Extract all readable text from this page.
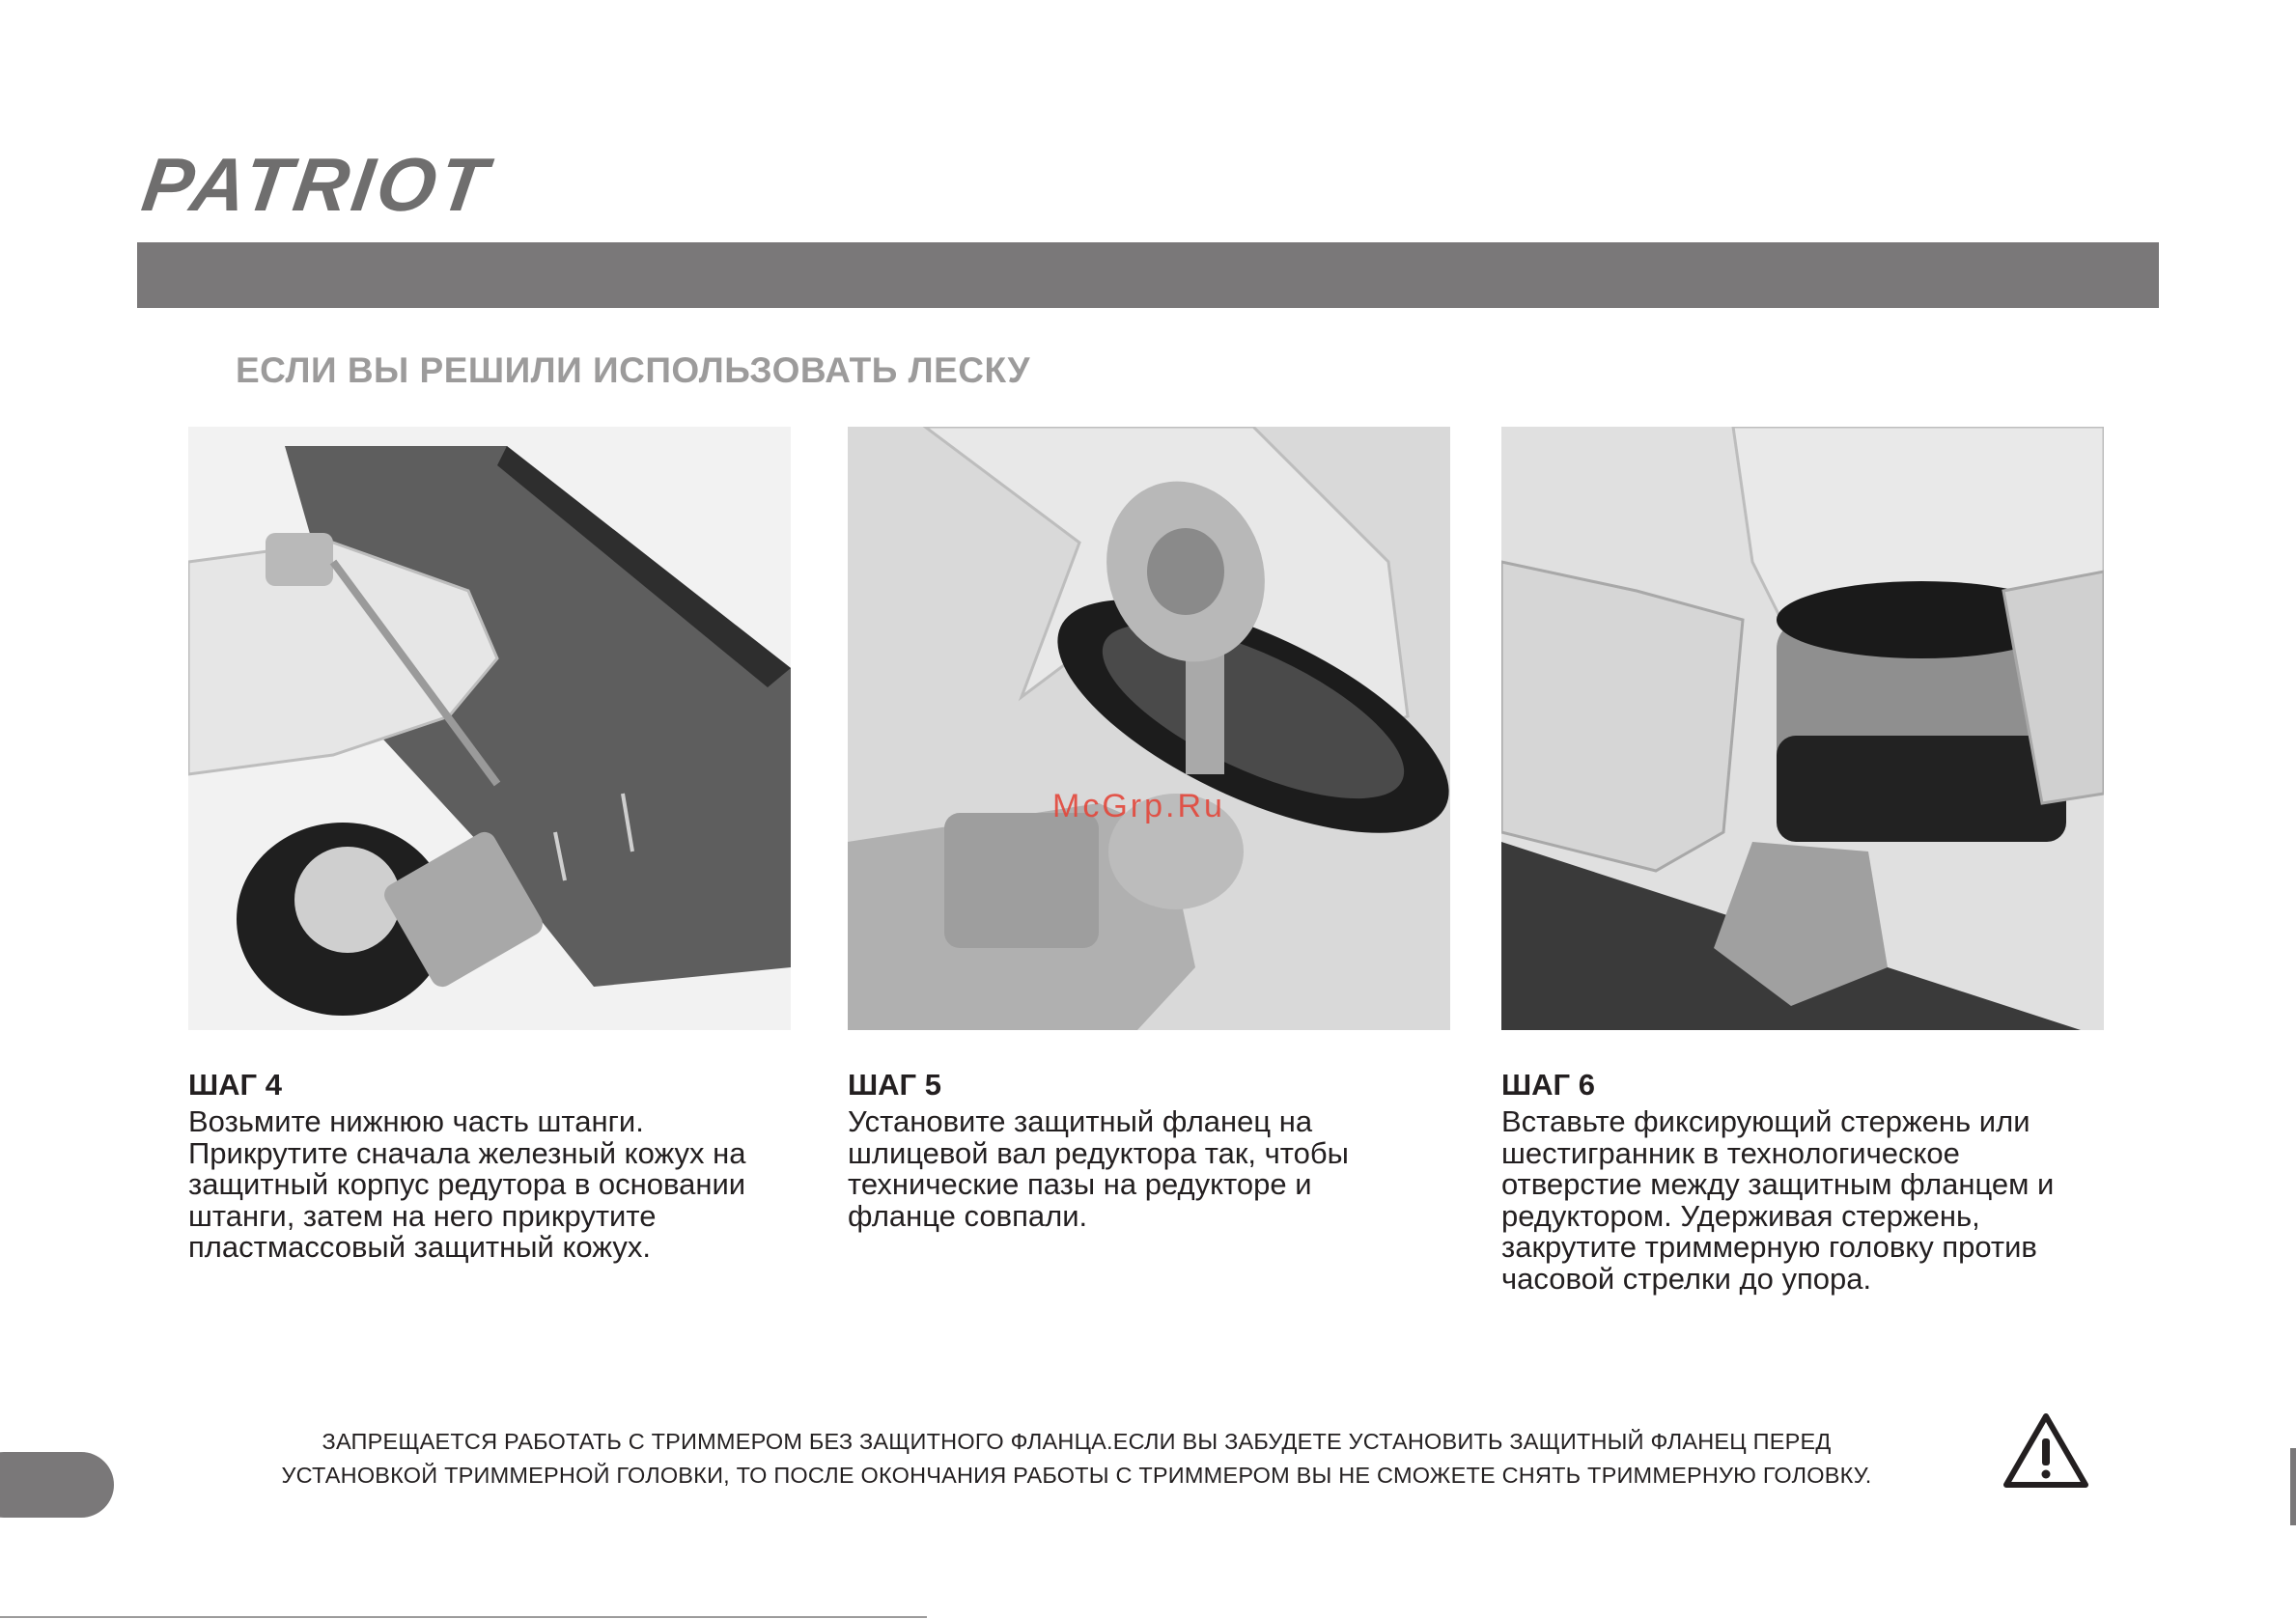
PATRIOT
ЕСЛИ ВЫ РЕШИЛИ ИСПОЛЬЗОВАТЬ ЛЕСКУ
McGrp.Ru
ШАГ 4
Возьмите нижнюю часть штанги.
Прикрутите сначала железный кожух на
защитный корпус редутора в основании
штанги, затем на него прикрутите
пластмассовый защитный кожух.
ШАГ 5
Установите защитный фланец на
шлицевой вал редуктора так, чтобы
технические пазы на редукторе и
фланце совпали.
ШАГ 6
Вставьте фиксирующий стержень или
шестигранник в технологическое
отверстие между защитным фланцем и
редуктором. Удерживая стержень,
закрутите триммерную головку против
часовой стрелки до упора.
ЗАПРЕЩАЕТСЯ РАБОТАТЬ С ТРИММЕРОМ БЕЗ ЗАЩИТНОГО ФЛАНЦА.ЕСЛИ ВЫ ЗАБУДЕТЕ УСТАНОВИТЬ ЗАЩИТНЫЙ ФЛАНЕЦ ПЕРЕД
УСТАНОВКОЙ ТРИММЕРНОЙ ГОЛОВКИ, ТО ПОСЛЕ ОКОНЧАНИЯ РАБОТЫ С ТРИММЕРОМ ВЫ НЕ СМОЖЕТЕ СНЯТЬ ТРИММЕРНУЮ ГОЛОВКУ.
